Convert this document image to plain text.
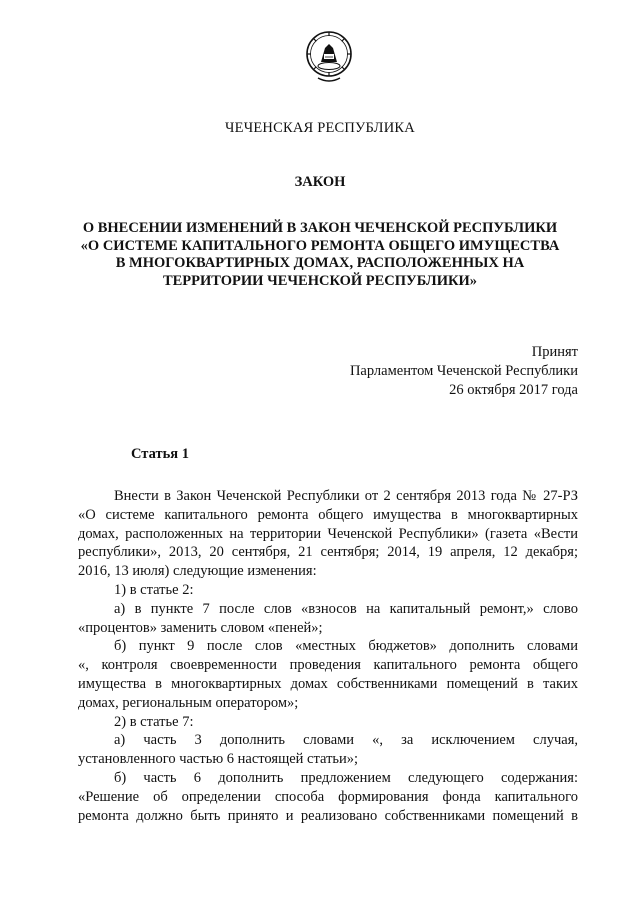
ЧЕЧЕНСКАЯ РЕСПУБЛИКА
ЗАКОН
О ВНЕСЕНИИ ИЗМЕНЕНИЙ В ЗАКОН ЧЕЧЕНСКОЙ РЕСПУБЛИКИ
«О СИСТЕМЕ КАПИТАЛЬНОГО РЕМОНТА ОБЩЕГО ИМУЩЕСТВА
В МНОГОКВАРТИРНЫХ ДОМАХ, РАСПОЛОЖЕННЫХ НА
ТЕРРИТОРИИ ЧЕЧЕНСКОЙ РЕСПУБЛИКИ»
Принят
Парламентом Чеченской Республики
26 октября 2017 года
Статья 1
Внести в Закон Чеченской Республики от 2 сентября 2013 года № 27-РЗ
«О системе капитального ремонта общего имущества в многоквартирных
домах, расположенных на территории Чеченской Республики» (газета «Вести
республики», 2013, 20 сентября, 21 сентября; 2014, 19 апреля, 12 декабря;
2016, 13 июля) следующие изменения:
1) в статье 2:
а) в пункте 7 после слов «взносов на капитальный ремонт,» слово
«процентов» заменить словом «пеней»;
б) пункт 9 после слов «местных бюджетов» дополнить словами
«, контроля своевременности проведения капитального ремонта общего
имущества в многоквартирных домах собственниками помещений в таких
домах, региональным оператором»;
2) в статье 7:
а) часть 3 дополнить словами «, за исключением случая,
установленного частью 6 настоящей статьи»;
б) часть 6 дополнить предложением следующего содержания:
«Решение об определении способа формирования фонда капитального
ремонта должно быть принято и реализовано собственниками помещений в
